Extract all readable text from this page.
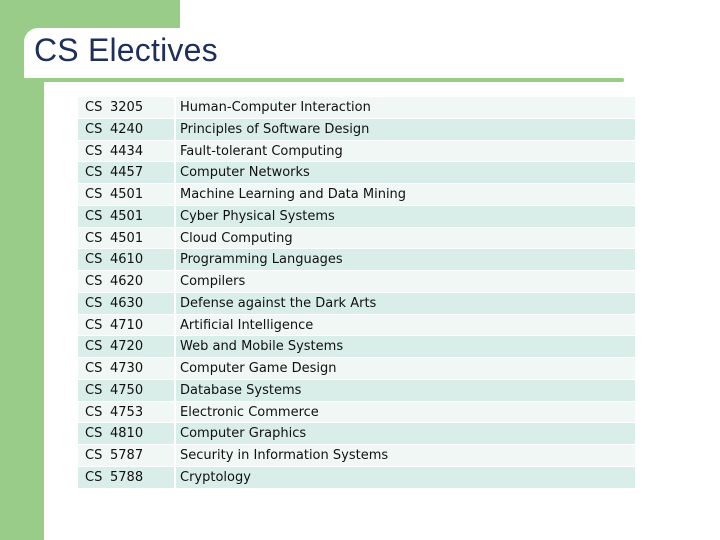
CS Electives
CS 3205	Human-Computer Interaction
CS 4240	Principles of Software Design
CS 4434	Fault-tolerant Computing
CS 4457	Computer Networks
CS 4501	Machine Learning and Data Mining
CS 4501	Cyber Physical Systems
CS 4501	Cloud Computing
CS 4610	Programming Languages
CS 4620	Compilers
CS 4630	Defense against the Dark Arts
CS 4710	Artificial Intelligence
CS 4720	Web and Mobile Systems
CS 4730	Computer Game Design
CS 4750	Database Systems
CS 4753	Electronic Commerce
CS 4810	Computer Graphics
CS 5787	Security in Information Systems
CS 5788	Cryptology
